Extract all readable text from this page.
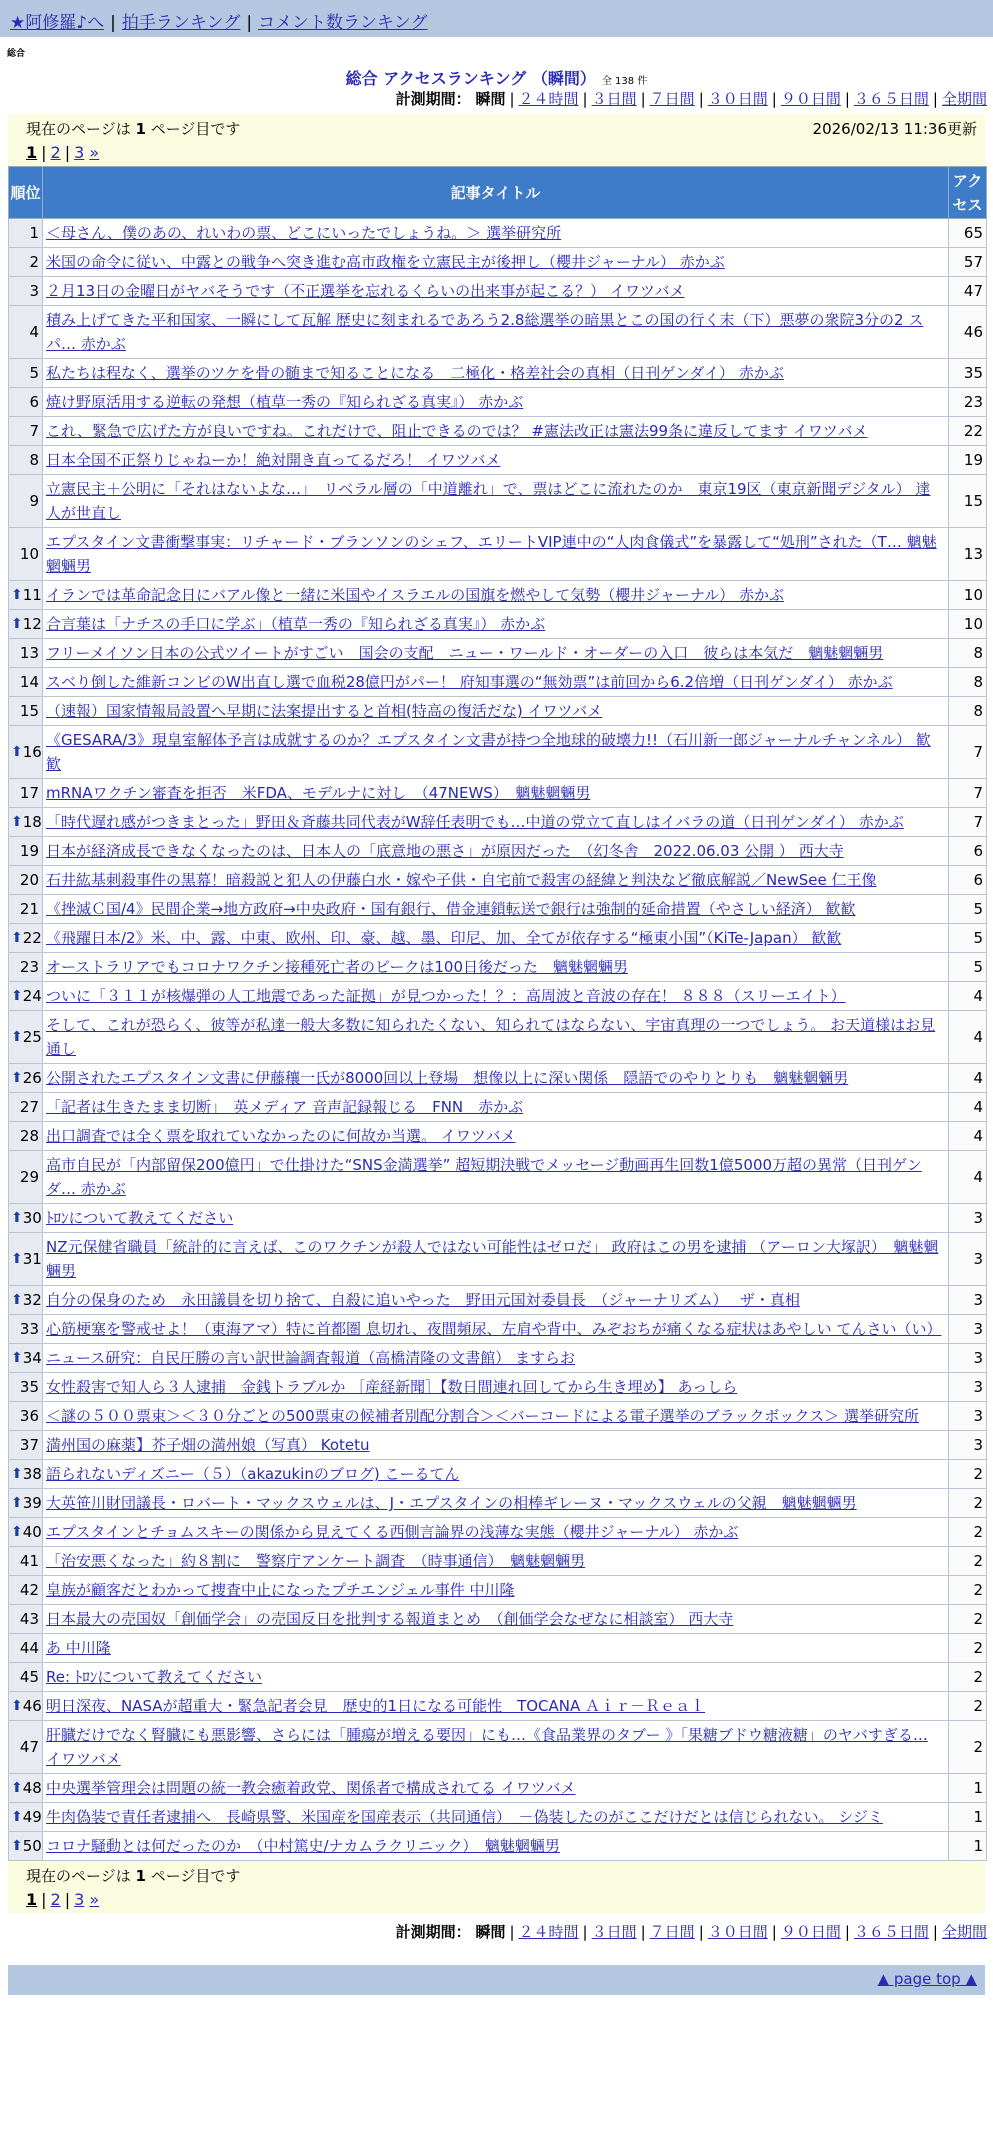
★阿修羅♪へ | 拍手ランキング | コメント数ランキング
総合
総合 アクセスランキング （瞬間） 全 138 件
計測期間： 瞬間 | ２４時間 | ３日間 | ７日間 | ３０日間 | ９０日間 | ３６５日間 | 全期間
現在のページは 1 ページ目です	2026/02/13 11:36更新
1 | 2 | 3 »
順位	記事タイトル	アクセス
1	＜母さん、僕のあの、れいわの票、どこにいったでしょうね。＞ 選挙研究所	65
2	米国の命令に従い、中露との戦争へ突き進む高市政権を立憲民主が後押し（櫻井ジャーナル） 赤かぶ	57
3	２月13日の金曜日がヤバそうです（不正選挙を忘れるくらいの出来事が起こる？） イワツバメ	47
4	積み上げてきた平和国家、一瞬にして瓦解 歴史に刻まれるであろう2.8総選挙の暗黒とこの国の行く末（下）悪夢の衆院3分の2 スパ… 赤かぶ	46
5	私たちは程なく、選挙のツケを骨の髄まで知ることになる　二極化・格差社会の真相（日刊ゲンダイ） 赤かぶ	35
6	焼け野原活用する逆転の発想（植草一秀の『知られざる真実』） 赤かぶ	23
7	これ、緊急で広げた方が良いですね。これだけで、阻止できるのでは？ #憲法改正は憲法99条に違反してます イワツバメ	22
8	日本全国不正祭りじゃねーか！絶対開き直ってるだろ！ イワツバメ	19
9	立憲民主＋公明に「それはないよな…」　リベラル層の「中道離れ」で、票はどこに流れたのか　東京19区（東京新聞デジタル） 達人が世直し	15
10	エプスタイン文書衝撃事実：リチャード・ブランソンのシェフ、エリートVIP連中の“人肉食儀式”を暴露して“処刑”された（T… 魑魅魍魎男	13

⬆ 11	イランでは革命記念日にバアル像と一緒に米国やイスラエルの国旗を燃やして気勢（櫻井ジャーナル） 赤かぶ	10

⬆ 12	合言葉は「ナチスの手口に学ぶ」（植草一秀の『知られざる真実』） 赤かぶ	10
13	フリーメイソン日本の公式ツイートがすごい　国会の支配　ニュー・ワールド・オーダーの入口　彼らは本気だ　魑魅魍魎男	8
14	スベり倒した維新コンビのW出直し選で血税28億円がパー！ 府知事選の“無効票”は前回から6.2倍増（日刊ゲンダイ） 赤かぶ	8
15	（速報）国家情報局設置へ早期に法案提出すると首相(特高の復活だな) イワツバメ	8

⬆ 16	《GESARA/3》現皇室解体予言は成就するのか？エプスタイン文書が持つ全地球的破壊力!!（石川新一郎ジャーナルチャンネル） 歓歓	7
17	mRNAワクチン審査を拒否　米FDA、モデルナに対し　（47NEWS）　魑魅魍魎男	7

⬆ 18	「時代遅れ感がつきまとった」野田＆斉藤共同代表がW辞任表明でも…中道の党立て直しはイバラの道（日刊ゲンダイ） 赤かぶ	7
19	日本が経済成長できなくなったのは、日本人の「底意地の悪さ」が原因だった　（幻冬舎　2022.06.03 公開 ） 西大寺	6
20	石井紘基刺殺事件の黒幕！暗殺説と犯人の伊藤白水・嫁や子供・自宅前で殺害の経緯と判決など徹底解説／NewSee 仁王像	6
21	《挫滅Ｃ国/4》民間企業→地方政府→中央政府・国有銀行、借金連鎖転送で銀行は強制的延命措置（やさしい経済） 歓歓	5

⬆ 22	《飛躍日本/2》米、中、露、中東、欧州、印、豪、越、墨、印尼、加、全てが依存する“極東小国”（KiTe-Japan） 歓歓	5
23	オーストラリアでもコロナワクチン接種死亡者のピークは100日後だった　魑魅魍魎男	5

⬆ 24	ついに「３１１が核爆弾の人工地震であった証拠」が見つかった！？：高周波と音波の存在！ ８８８（スリーエイト）	4

⬆ 25	そして、これが恐らく、彼等が私達一般大多数に知られたくない、知られてはならない、宇宙真理の一つでしょう。 お天道様はお見通し	4

⬆ 26	公開されたエプスタイン文書に伊藤穰一氏が8000回以上登場　想像以上に深い関係　隠語でのやりとりも　魑魅魍魎男	4
27	「記者は生きたまま切断」　英メディア 音声記録報じる　FNN　赤かぶ	4
28	出口調査では全く票を取れていなかったのに何故か当選。 イワツバメ	4
29	高市自民が「内部留保200億円」で仕掛けた“SNS金満選挙” 超短期決戦でメッセージ動画再生回数1億5000万超の異常（日刊ゲンダ… 赤かぶ	4

⬆ 30	ﾄﾛﾝについて教えてください	3

⬆ 31	NZ元保健省職員「統計的に言えば、このワクチンが殺人ではない可能性はゼロだ」 政府はこの男を逮捕 （アーロン大塚訳）　魑魅魍魎男	3

⬆ 32	自分の保身のため　永田議員を切り捨て、自殺に追いやった　野田元国対委員長　（ジャーナリズム）　 ザ・真相	3
33	心筋梗塞を警戒せよ！（東海アマ）特に首都圏 息切れ、夜間頻尿、左肩や背中、みぞおちが痛くなる症状はあやしい てんさい（い）	3

⬆ 34	ニュース研究：自民圧勝の言い訳世論調査報道（高橋清隆の文書館） ますらお	3
35	女性殺害で知人ら３人逮捕　金銭トラブルか ［産経新聞］【数日間連れ回してから生き埋め】 あっしら	3
36	＜謎の５００票束＞＜３０分ごとの500票束の候補者別配分割合＞＜バーコードによる電子選挙のブラックボックス＞ 選挙研究所	3
37	満州国の麻薬】芥子畑の満州娘（写真） Kotetu	3

⬆ 38	語られないディズニー（５）（akazukinのブログ) こーるてん	2

⬆ 39	大英笹川財団議長・ロバート・マックスウェルは、J・エプスタインの相棒ギレーヌ・マックスウェルの父親　魑魅魍魎男	2

⬆ 40	エプスタインとチョムスキーの関係から見えてくる西側言論界の浅薄な実態（櫻井ジャーナル） 赤かぶ	2
41	「治安悪くなった」約８割に　警察庁アンケート調査　（時事通信）　魑魅魍魎男	2
42	皇族が顧客だとわかって捜査中止になったプチエンジェル事件 中川隆	2
43	日本最大の売国奴「創価学会」の売国反日を批判する報道まとめ　（創価学会なぜなに相談室） 西大寺	2
44	あ 中川隆	2
45	Re: ﾄﾛﾝについて教えてください	2

⬆ 46	明日深夜、NASAが超重大・緊急記者会見　歴史的1日になる可能性　TOCANA Ａｉｒ－Ｒｅａｌ	2
47	肝臓だけでなく腎臓にも悪影響、さらには「腫瘍が増える要因」にも…《食品業界のタブー 》「果糖ブドウ糖液糖」のヤバすぎる… イワツバメ	2

⬆ 48	中央選挙管理会は問題の統一教会癒着政党、関係者で構成されてる イワツバメ	1

⬆ 49	牛肉偽装で責任者逮捕へ　長崎県警、米国産を国産表示（共同通信）　－偽装したのがここだけだとは信じられない。 シジミ	1

⬆ 50	コロナ騒動とは何だったのか　（中村篤史/ナカムラクリニック）　魑魅魍魎男	1
現在のページは 1 ページ目です
1 | 2 | 3 »
計測期間： 瞬間 | ２４時間 | ３日間 | ７日間 | ３０日間 | ９０日間 | ３６５日間 | 全期間
▲ page top ▲
